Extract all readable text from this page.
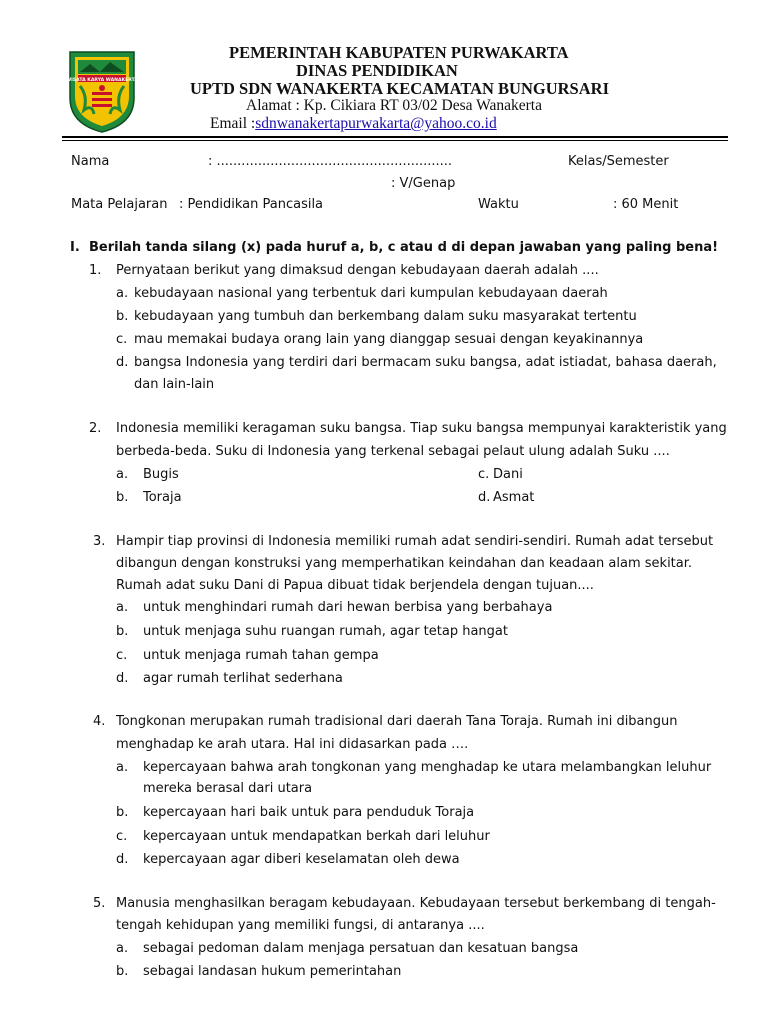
WISATA KARYA WANAKERTA
PEMERINTAH KABUPATEN PURWAKARTA
DINAS PENDIDIKAN
UPTD SDN WANAKERTA KECAMATAN BUNGURSARI
Alamat : Kp. Cikiara RT 03/02 Desa Wanakerta
Email :sdnwanakertapurwakarta@yahoo.co.id
Nama	: .........................................................	Kelas/Semester
: V/Genap
Mata Pelajaran : Pendidikan Pancasila	Waktu	: 60 Menit
I. Berilah tanda silang (x) pada huruf a, b, c atau d di depan jawaban yang paling bena!
1. Pernyataan berikut yang dimaksud dengan kebudayaan daerah adalah ....
a. kebudayaan nasional yang terbentuk dari kumpulan kebudayaan daerah
b. kebudayaan yang tumbuh dan berkembang dalam suku masyarakat tertentu
c. mau memakai budaya orang lain yang dianggap sesuai dengan keyakinannya
d. bangsa Indonesia yang terdiri dari bermacam suku bangsa, adat istiadat, bahasa daerah,
dan lain-lain
2. Indonesia memiliki keragaman suku bangsa. Tiap suku bangsa mempunyai karakteristik yang
berbeda-beda. Suku di Indonesia yang terkenal sebagai pelaut ulung adalah Suku ....
a. Bugis	c. Dani
b. Toraja	d. Asmat
3. Hampir tiap provinsi di Indonesia memiliki rumah adat sendiri-sendiri. Rumah adat tersebut
dibangun dengan konstruksi yang memperhatikan keindahan dan keadaan alam sekitar.
Rumah adat suku Dani di Papua dibuat tidak berjendela dengan tujuan....
a. untuk menghindari rumah dari hewan berbisa yang berbahaya
b. untuk menjaga suhu ruangan rumah, agar tetap hangat
c. untuk menjaga rumah tahan gempa
d. agar rumah terlihat sederhana
4. Tongkonan merupakan rumah tradisional dari daerah Tana Toraja. Rumah ini dibangun
menghadap ke arah utara. Hal ini didasarkan pada ….
a. kepercayaan bahwa arah tongkonan yang menghadap ke utara melambangkan leluhur
mereka berasal dari utara
b. kepercayaan hari baik untuk para penduduk Toraja
c. kepercayaan untuk mendapatkan berkah dari leluhur
d. kepercayaan agar diberi keselamatan oleh dewa
5. Manusia menghasilkan beragam kebudayaan. Kebudayaan tersebut berkembang di tengah-
tengah kehidupan yang memiliki fungsi, di antaranya ....
a. sebagai pedoman dalam menjaga persatuan dan kesatuan bangsa
b. sebagai landasan hukum pemerintahan
